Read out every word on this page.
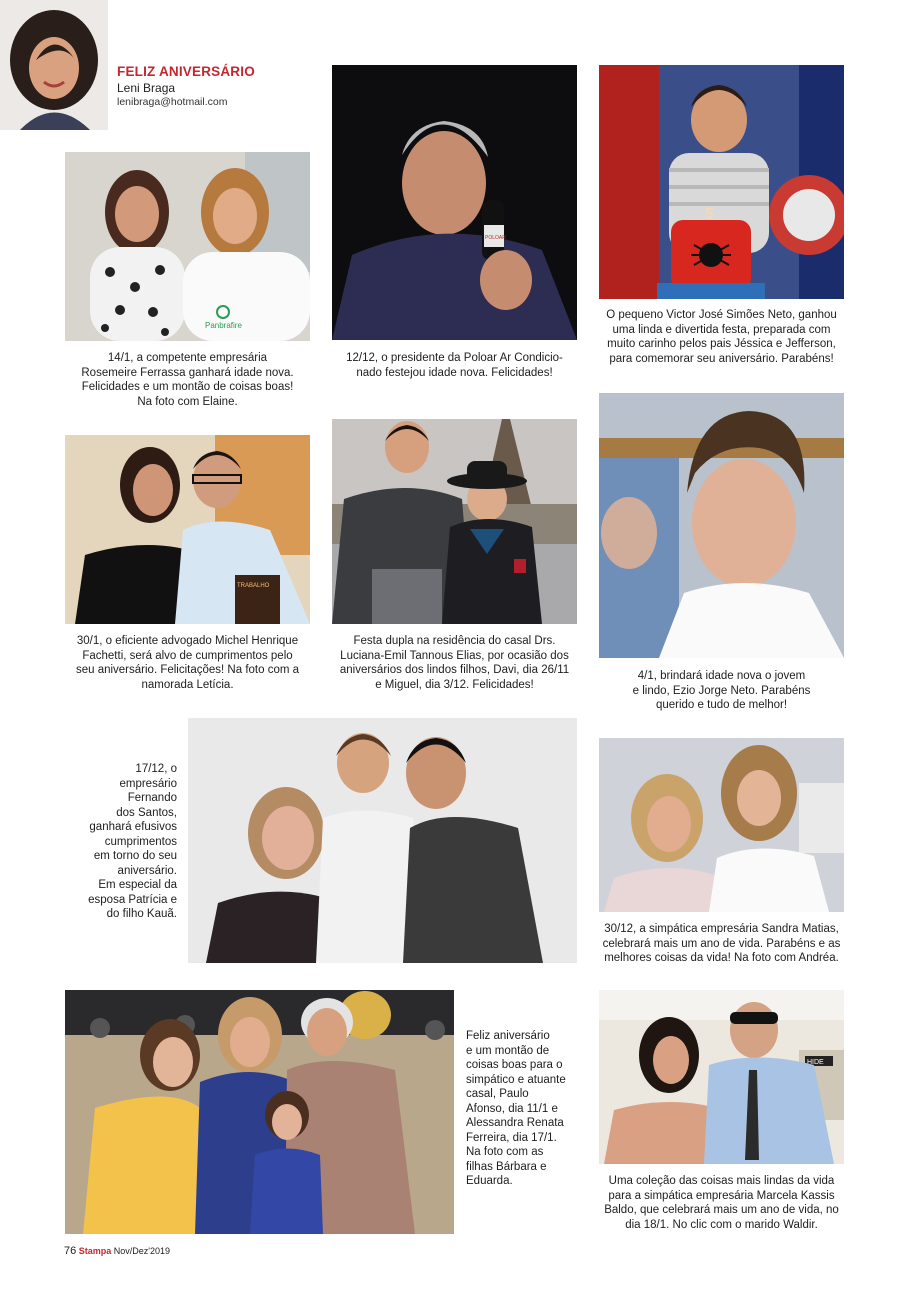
FELIZ ANIVERSÁRIO
Leni Braga
lenibraga@hotmail.com
Panbrafire

14/1, a competente empresária

Rosemeire Ferrassa ganhará idade nova.

Felicidades e um montão de coisas boas!

Na foto com Elaine.

POLOAR

12/12, o presidente da Poloar Ar Condicio-

nado festejou idade nova. Felicidades!

5

O pequeno Victor José Simões Neto, ganhou

uma linda e divertida festa, preparada com

muito carinho pelos pais Jéssica e Jefferson,

para comemorar seu aniversário. Parabéns!

TRABALHO

30/1, o eficiente advogado Michel Henrique

Fachetti, será alvo de cumprimentos pelo

seu aniversário. Felicitações! Na foto com a

namorada Letícia.

Festa dupla na residência do casal Drs.

Luciana-Emil Tannous Elias, por ocasião dos

aniversários dos lindos filhos, Davi, dia 26/11

e Miguel, dia 3/12. Felicidades!

4/1, brindará idade nova o jovem

e lindo, Ezio Jorge Neto. Parabéns

querido e tudo de melhor!

17/12, o

empresário

Fernando

dos Santos,

ganhará efusivos

cumprimentos

em torno do seu

aniversário.

Em especial da

esposa Patrícia e

do filho Kauã.

30/12, a simpática empresária Sandra Matias,

celebrará mais um ano de vida. Parabéns e as

melhores coisas da vida! Na foto com Andréa.

Feliz aniversário

e um montão de

coisas boas para o

simpático e atuante

casal, Paulo

Afonso, dia 11/1 e

Alessandra Renata

Ferreira, dia 17/1.

Na foto com as

filhas Bárbara e

Eduarda.

HIDE

Uma coleção das coisas mais lindas da vida

para a simpática empresária Marcela Kassis

Baldo, que celebrará mais um ano de vida, no

dia 18/1. No clic com o marido Waldir.

76 Stampa Nov/Dez'2019
